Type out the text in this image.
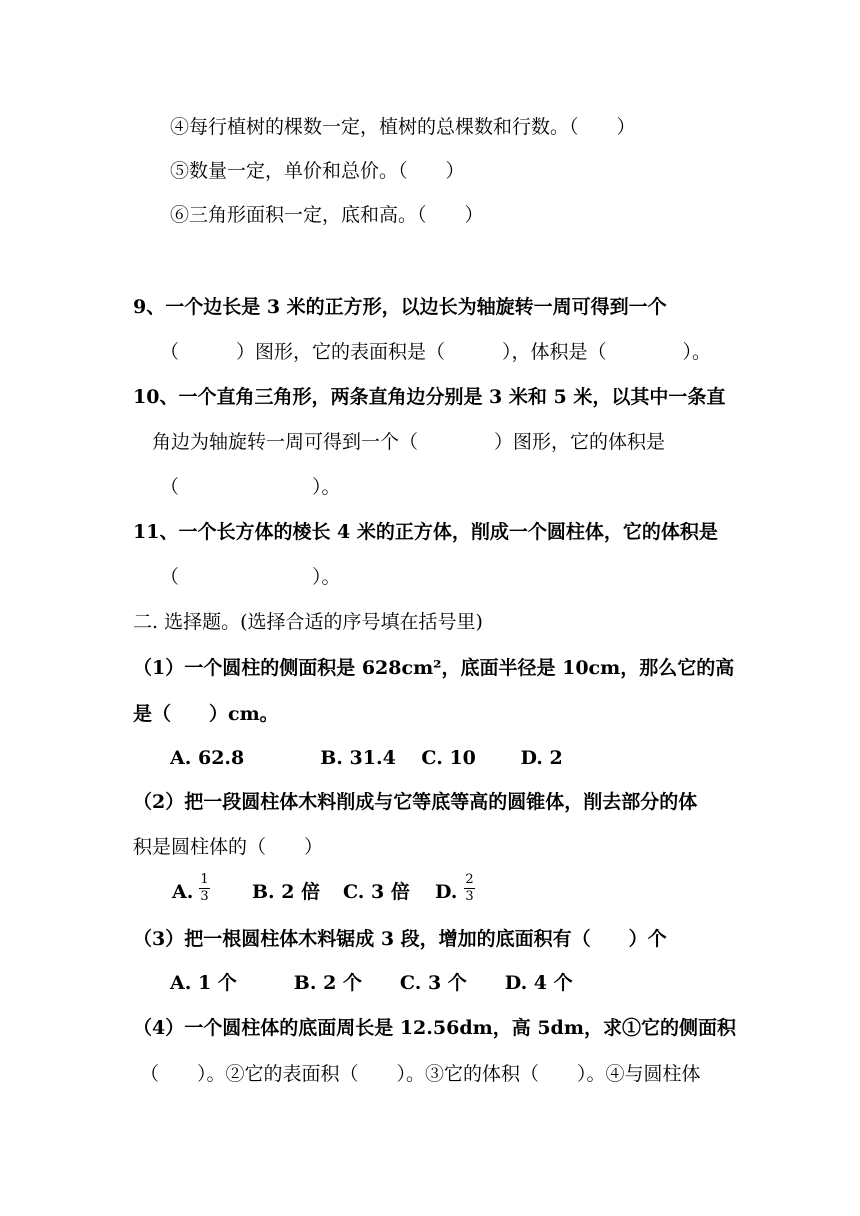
④每行植树的棵数一定，植树的总棵数和行数。（　　）
⑤数量一定，单价和总价。（　　）
⑥三角形面积一定，底和高。（　　）
9、一个边长是 3 米的正方形，以边长为轴旋转一周可得到一个
（　　　）图形，它的表面积是（　　　），体积是（　　　　）。
10、一个直角三角形，两条直角边分别是 3 米和 5 米，以其中一条直
角边为轴旋转一周可得到一个（　　　　）图形，它的体积是
（　　　　　　　）。
11、一个长方体的棱长 4 米的正方体，削成一个圆柱体，它的体积是
（　　　　　　　）。
二. 选择题。(选择合适的序号填在括号里)
（1）一个圆柱的侧面积是 628cm²，底面半径是 10cm，那么它的高
是（　　）cm。
A. 62.8　　　　B. 31.4　 C. 10　　 D. 2
（2）把一段圆柱体木料削成与它等底等高的圆锥体，削去部分的体
积是圆柱体的（　　）
（3）把一根圆柱体木料锯成 3 段，增加的底面积有（　　）个
A. 1 个　　　B. 2 个　　C. 3 个　　D. 4 个
（4）一个圆柱体的底面周长是 12.56dm，高 5dm，求①它的侧面积
（　　）。②它的表面积（　　）。③它的体积（　　）。④与圆柱体
A.
1
3 B. 2 倍 C. 3 倍 D.
2
3
